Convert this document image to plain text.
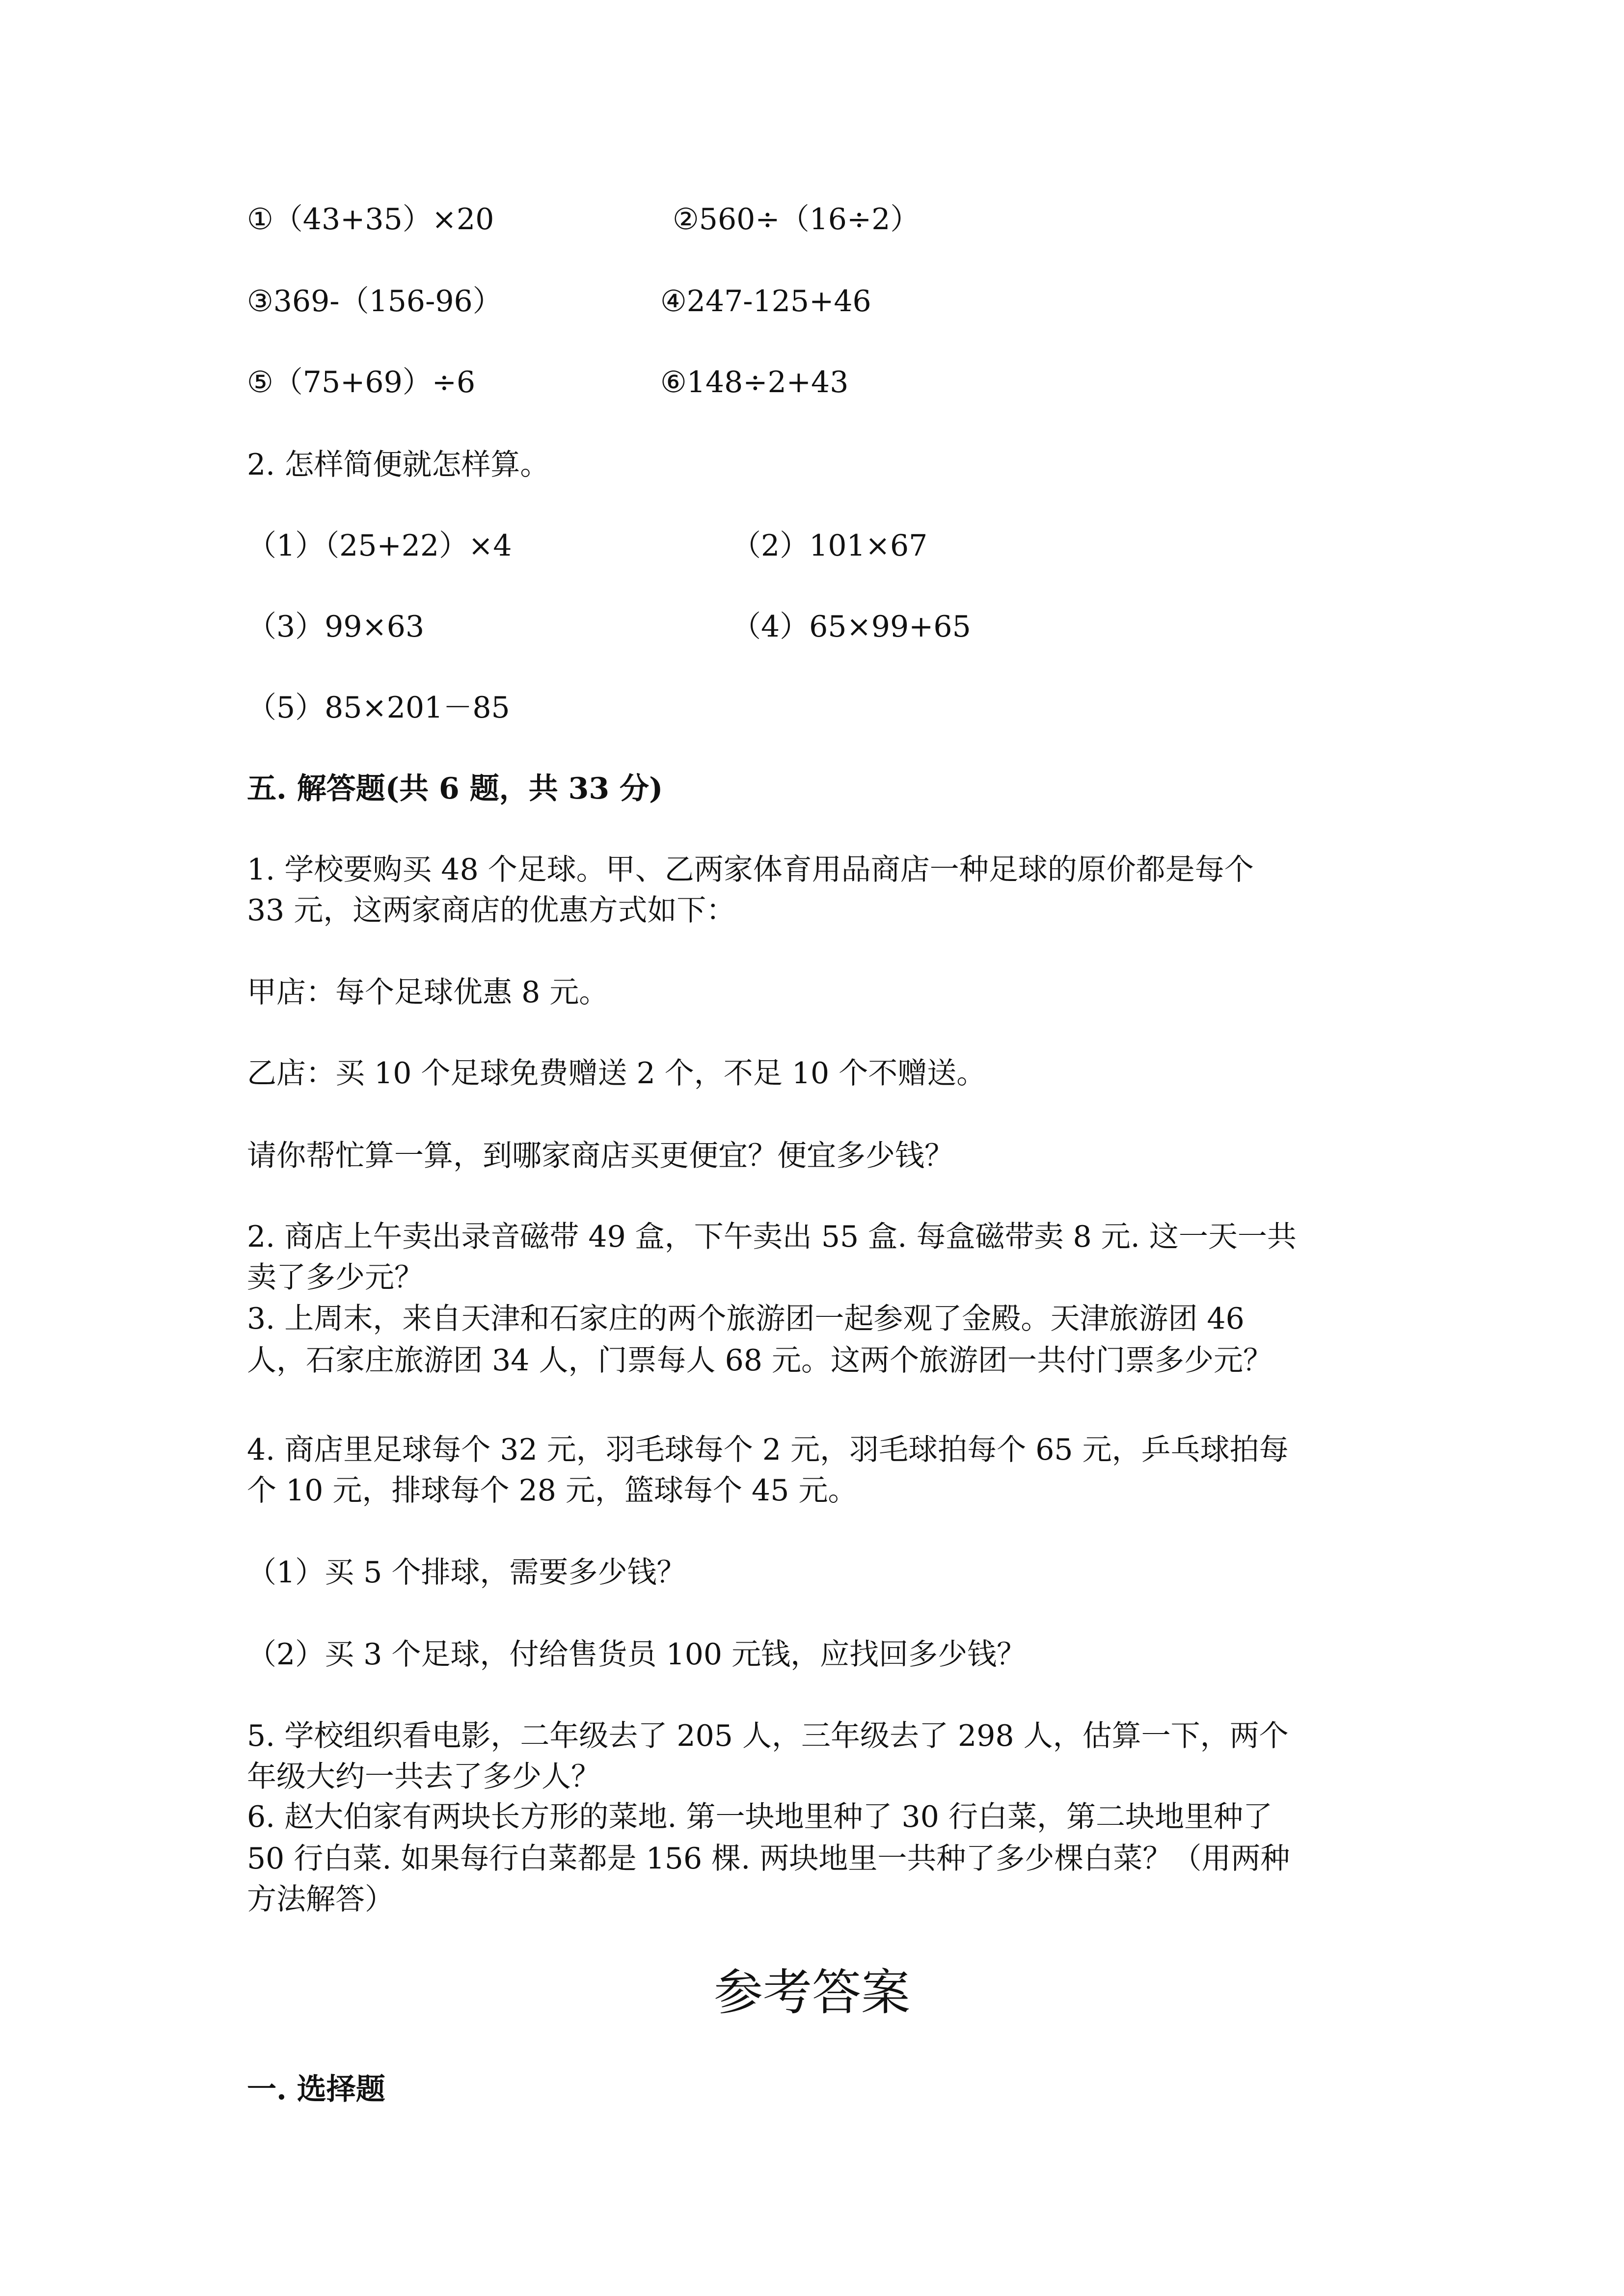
①（43+35）×20	②560÷（16÷2）
③369-（156-96）	④247-125+46
⑤（75+69）÷6	⑥148÷2+43
2. 怎样简便就怎样算。
（1）（25+22）×4	（2）101×67
（3）99×63	（4）65×99+65
（5）85×201－85
五. 解答题(共 6 题，共 33 分)
1. 学校要购买 48 个足球。甲、乙两家体育用品商店一种足球的原价都是每个
33 元，这两家商店的优惠方式如下：
甲店：每个足球优惠 8 元。
乙店：买 10 个足球免费赠送 2 个，不足 10 个不赠送。
请你帮忙算一算，到哪家商店买更便宜？便宜多少钱？
2. 商店上午卖出录音磁带 49 盒，下午卖出 55 盒. 每盒磁带卖 8 元. 这一天一共
卖了多少元？
3. 上周末，来自天津和石家庄的两个旅游团一起参观了金殿。天津旅游团 46
人，石家庄旅游团 34 人，门票每人 68 元。这两个旅游团一共付门票多少元？
4. 商店里足球每个 32 元，羽毛球每个 2 元，羽毛球拍每个 65 元，乒乓球拍每
个 10 元，排球每个 28 元，篮球每个 45 元。
（1）买 5 个排球，需要多少钱？
（2）买 3 个足球，付给售货员 100 元钱，应找回多少钱？
5. 学校组织看电影，二年级去了 205 人，三年级去了 298 人，估算一下，两个
年级大约一共去了多少人？
6. 赵大伯家有两块长方形的菜地. 第一块地里种了 30 行白菜，第二块地里种了
50 行白菜. 如果每行白菜都是 156 棵. 两块地里一共种了多少棵白菜？（用两种
方法解答）
参考答案
一. 选择题
